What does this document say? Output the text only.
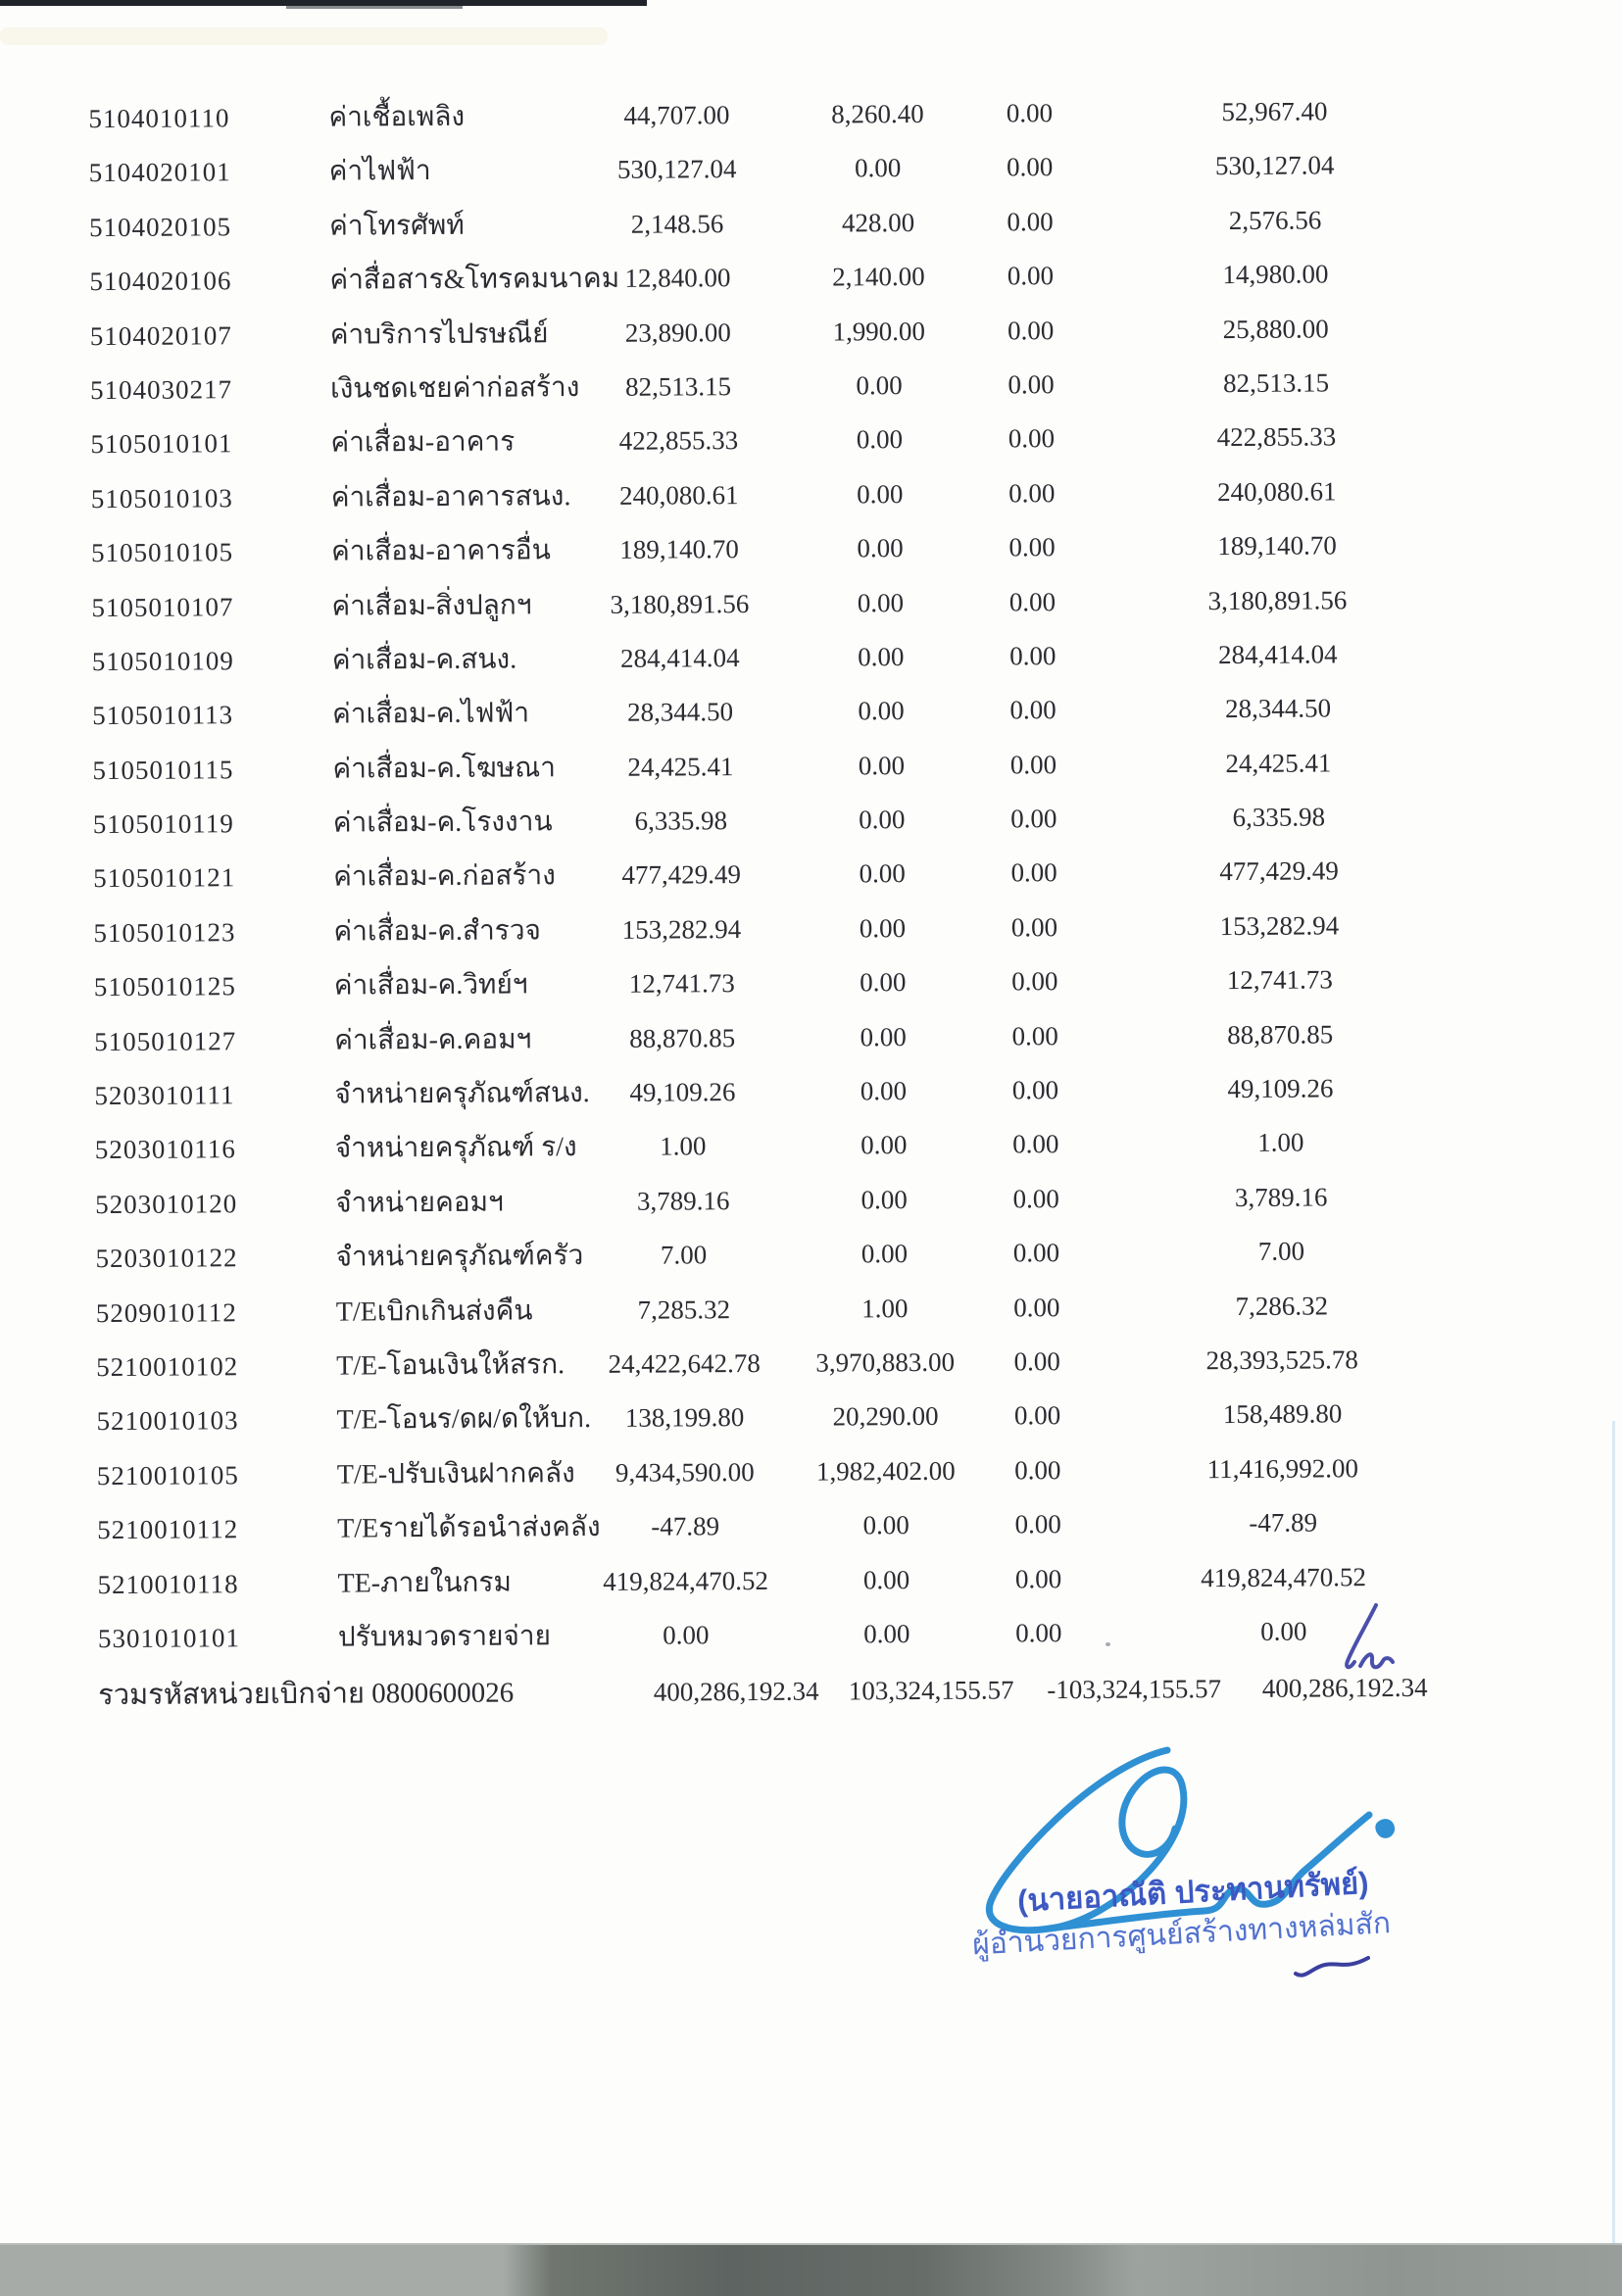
5104010110	ค่าเชื้อเพลิง	44,707.00	8,260.40	0.00	52,967.40
5104020101	ค่าไฟฟ้า	530,127.04	0.00	0.00	530,127.04
5104020105	ค่าโทรศัพท์	2,148.56	428.00	0.00	2,576.56
5104020106	ค่าสื่อสาร&โทรคมนาคม 12,840.00	2,140.00	0.00	14,980.00
5104020107	ค่าบริการไปรษณีย์	23,890.00	1,990.00	0.00	25,880.00
5104030217	เงินชดเชยค่าก่อสร้าง	82,513.15	0.00	0.00	82,513.15
5105010101	ค่าเสื่อม-อาคาร	422,855.33	0.00	0.00	422,855.33
5105010103	ค่าเสื่อม-อาคารสนง.	240,080.61	0.00	0.00	240,080.61
5105010105	ค่าเสื่อม-อาคารอื่น	189,140.70	0.00	0.00	189,140.70
5105010107	ค่าเสื่อม-สิ่งปลูกฯ	3,180,891.56	0.00	0.00	3,180,891.56
5105010109	ค่าเสื่อม-ค.สนง.	284,414.04	0.00	0.00	284,414.04
5105010113	ค่าเสื่อม-ค.ไฟฟ้า	28,344.50	0.00	0.00	28,344.50
5105010115	ค่าเสื่อม-ค.โฆษณา	24,425.41	0.00	0.00	24,425.41
5105010119	ค่าเสื่อม-ค.โรงงาน	6,335.98	0.00	0.00	6,335.98
5105010121	ค่าเสื่อม-ค.ก่อสร้าง	477,429.49	0.00	0.00	477,429.49
5105010123	ค่าเสื่อม-ค.สำรวจ	153,282.94	0.00	0.00	153,282.94
5105010125	ค่าเสื่อม-ค.วิทย์ฯ	12,741.73	0.00	0.00	12,741.73
5105010127	ค่าเสื่อม-ค.คอมฯ	88,870.85	0.00	0.00	88,870.85
5203010111	จำหน่ายครุภัณฑ์สนง.	49,109.26	0.00	0.00	49,109.26
5203010116	จำหน่ายครุภัณฑ์ ร/ง	1.00	0.00	0.00	1.00
5203010120	จำหน่ายคอมฯ	3,789.16	0.00	0.00	3,789.16
5203010122	จำหน่ายครุภัณฑ์ครัว	7.00	0.00	0.00	7.00
5209010112	T/Eเบิกเกินส่งคืน	7,285.32	1.00	0.00	7,286.32
5210010102	T/E-โอนเงินให้สรก.	24,422,642.78	3,970,883.00	0.00	28,393,525.78
5210010103	T/E-โอนร/ดผ/ดให้บก.	138,199.80	20,290.00	0.00	158,489.80
5210010105	T/E-ปรับเงินฝากคลัง	9,434,590.00	1,982,402.00	0.00	11,416,992.00
5210010112	T/Eรายได้รอนำส่งคลัง	-47.89	0.00	0.00	-47.89
5210010118	TE-ภายในกรม	419,824,470.52	0.00	0.00	419,824,470.52
5301010101	ปรับหมวดรายจ่าย	0.00	0.00	0.00	0.00
รวมรหัสหน่วยเบิกจ่าย 0800600026	400,286,192.34 103,324,155.57 -103,324,155.57 400,286,192.34
(นายอาณัติ ประทานทรัพย์)
ผู้อำนวยการศูนย์สร้างทางหล่มสัก
